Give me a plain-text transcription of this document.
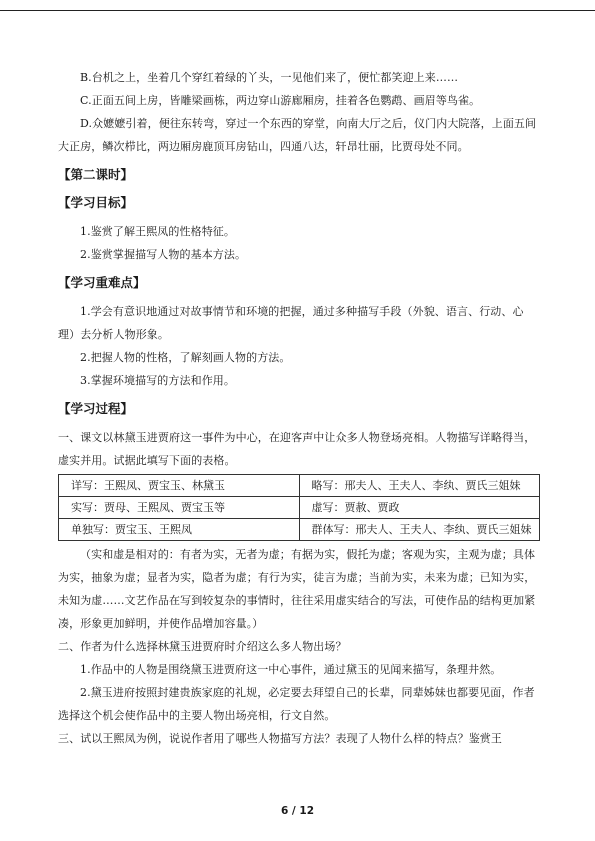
B.台机之上，坐着几个穿红着绿的丫头，一见他们来了，便忙都笑迎上来……

C.正面五间上房，皆雕梁画栋，两边穿山游廊厢房，挂着各色鹦鹉、画眉等鸟雀。

D.众嬷嬷引着，便往东转弯，穿过一个东西的穿堂，向南大厅之后，仪门内大院落，上面五间大正房，鳞次栉比，两边厢房鹿顶耳房钻山，四通八达，轩昂壮丽，比贾母处不同。

【第二课时】
【学习目标】

1.鉴赏了解王熙凤的性格特征。

2.鉴赏掌握描写人物的基本方法。

【学习重难点】

1.学会有意识地通过对故事情节和环境的把握，通过多种描写手段（外貌、语言、行动、心理）去分析人物形象。

2.把握人物的性格，了解刻画人物的方法。

3.掌握环境描写的方法和作用。

【学习过程】

一、课文以林黛玉进贾府这一事件为中心，在迎客声中让众多人物登场亮相。人物描写详略得当，虚实并用。试据此填写下面的表格。

详写：王熙凤、贾宝玉、林黛玉	略写：邢夫人、王夫人、李纨、贾氏三姐妹
实写：贾母、王熙凤、贾宝玉等	虚写：贾赦、贾政
单独写：贾宝玉、王熙凤	群体写：邢夫人、王夫人、李纨、贾氏三姐妹

（实和虚是相对的：有者为实，无者为虚；有据为实，假托为虚；客观为实，主观为虚；具体为实，抽象为虚；显者为实，隐者为虚；有行为实，徒言为虚；当前为实，未来为虚；已知为实，未知为虚……文艺作品在写到较复杂的事情时，往往采用虚实结合的写法，可使作品的结构更加紧凑，形象更加鲜明，并使作品增加容量。）

二、作者为什么选择林黛玉进贾府时介绍这么多人物出场？

1.作品中的人物是围绕黛玉进贾府这一中心事件，通过黛玉的见闻来描写，条理井然。

2.黛玉进府按照封建贵族家庭的礼规，必定要去拜望自己的长辈，同辈姊妹也都要见面，作者选择这个机会使作品中的主要人物出场亮相，行文自然。

三、试以王熙凤为例，说说作者用了哪些人物描写方法？表现了人物什么样的特点？鉴赏王

6 / 12
